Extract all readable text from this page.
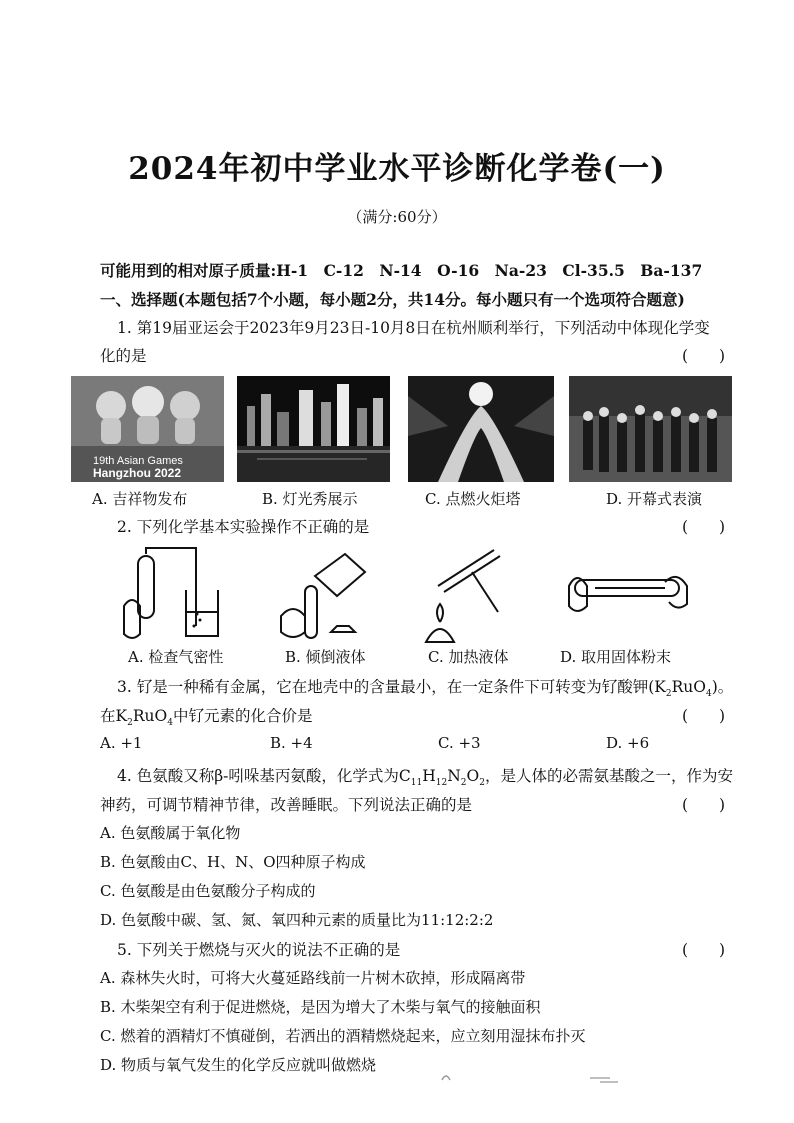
2024年初中学业水平诊断化学卷(一)
（满分:60分）
可能用到的相对原子质量:H-1　C-12　N-14　O-16　Na-23　Cl-35.5　Ba-137
一、选择题(本题包括7个小题，每小题2分，共14分。每小题只有一个选项符合题意)
1. 第19届亚运会于2023年9月23日-10月8日在杭州顺利举行，下列活动中体现化学变
化的是	(　　)
19th Asian Games
Hangzhou 2022
A. 吉祥物发布	B. 灯光秀展示	C. 点燃火炬塔	D. 开幕式表演
2. 下列化学基本实验操作不正确的是	(　　)
A. 检查气密性	B. 倾倒液体	C. 加热液体	D. 取用固体粉末
3. 钌是一种稀有金属，它在地壳中的含量最小，在一定条件下可转变为钌酸钾$(K_2RuO_4)$。
在$K_2RuO_4$中钌元素的化合价是	(　　)
A. +1	B. +4	C. +3	D. +6
4. 色氨酸又称β-吲哚基丙氨酸，化学式为$C_{11}H_{12}N_2O_2$，是人体的必需氨基酸之一，作为安
神药，可调节精神节律，改善睡眠。下列说法正确的是	(　　)
A. 色氨酸属于氧化物
B. 色氨酸由C、H、N、O四种原子构成
C. 色氨酸是由色氨酸分子构成的
D. 色氨酸中碳、氢、氮、氧四种元素的质量比为11:12:2:2
5. 下列关于燃烧与灭火的说法不正确的是	(　　)
A. 森林失火时，可将大火蔓延路线前一片树木砍掉，形成隔离带
B. 木柴架空有利于促进燃烧，是因为增大了木柴与氧气的接触面积
C. 燃着的酒精灯不慎碰倒，若洒出的酒精燃烧起来，应立刻用湿抹布扑灭
D. 物质与氧气发生的化学反应就叫做燃烧
